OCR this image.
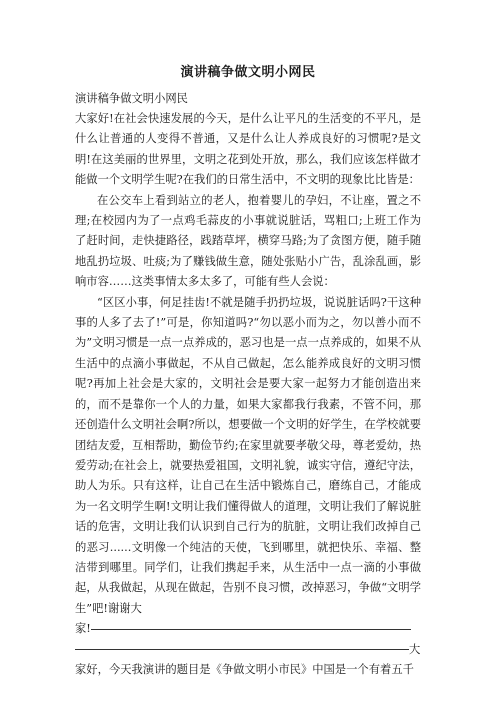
演讲稿争做文明小网民

演讲稿争做文明小网民

大家好!在社会快速发展的今天，是什么让平凡的生活变的不平凡，是什么让普通的人变得不普通，又是什么让人养成良好的习惯呢?是文明!在这美丽的世界里，文明之花到处开放，那么，我们应该怎样做才能做一个文明学生呢?在我们的日常生活中，不文明的现象比比皆是：

在公交车上看到站立的老人，抱着婴儿的孕妇，不让座，置之不理;在校园内为了一点鸡毛蒜皮的小事就说脏话，骂粗口;上班工作为了赶时间，走快捷路径，践踏草坪，横穿马路;为了贪图方便，随手随地乱扔垃圾、吐痰;为了赚钱做生意，随处张贴小广告，乱涂乱画，影响市容……这类事情太多太多了，可能有些人会说：

“区区小事，何足挂齿!不就是随手扔扔垃圾，说说脏话吗?干这种事的人多了去了!”可是，你知道吗?“勿以恶小而为之，勿以善小而不为”文明习惯是一点一点养成的，恶习也是一点一点养成的，如果不从生活中的点滴小事做起，不从自己做起，怎么能养成良好的文明习惯呢?再加上社会是大家的，文明社会是要大家一起努力才能创造出来的，而不是靠你一个人的力量，如果大家都我行我素，不管不问，那还创造什么文明社会啊?所以，想要做一个文明的好学生，在学校就要团结友爱，互相帮助，勤俭节约;在家里就要孝敬父母，尊老爱幼，热爱劳动;在社会上，就要热爱祖国，文明礼貌，诚实守信，遵纪守法，助人为乐。只有这样，让自己在生活中锻炼自己，磨练自己，才能成为一名文明学生啊!文明让我们懂得做人的道理，文明让我们了解说脏话的危害，文明让我们认识到自己行为的肮脏，文明让我们改掉自己的恶习......文明像一个纯洁的天使，飞到哪里，就把快乐、幸福、整洁带到哪里。同学们，让我们携起手来，从生活中一点一滴的小事做起，从我做起，从现在做起，告别不良习惯，改掉恶习，争做“文明学生”吧!谢谢大

家!
大

家好，今天我演讲的题目是《争做文明小市民》中国是一个有着五千
